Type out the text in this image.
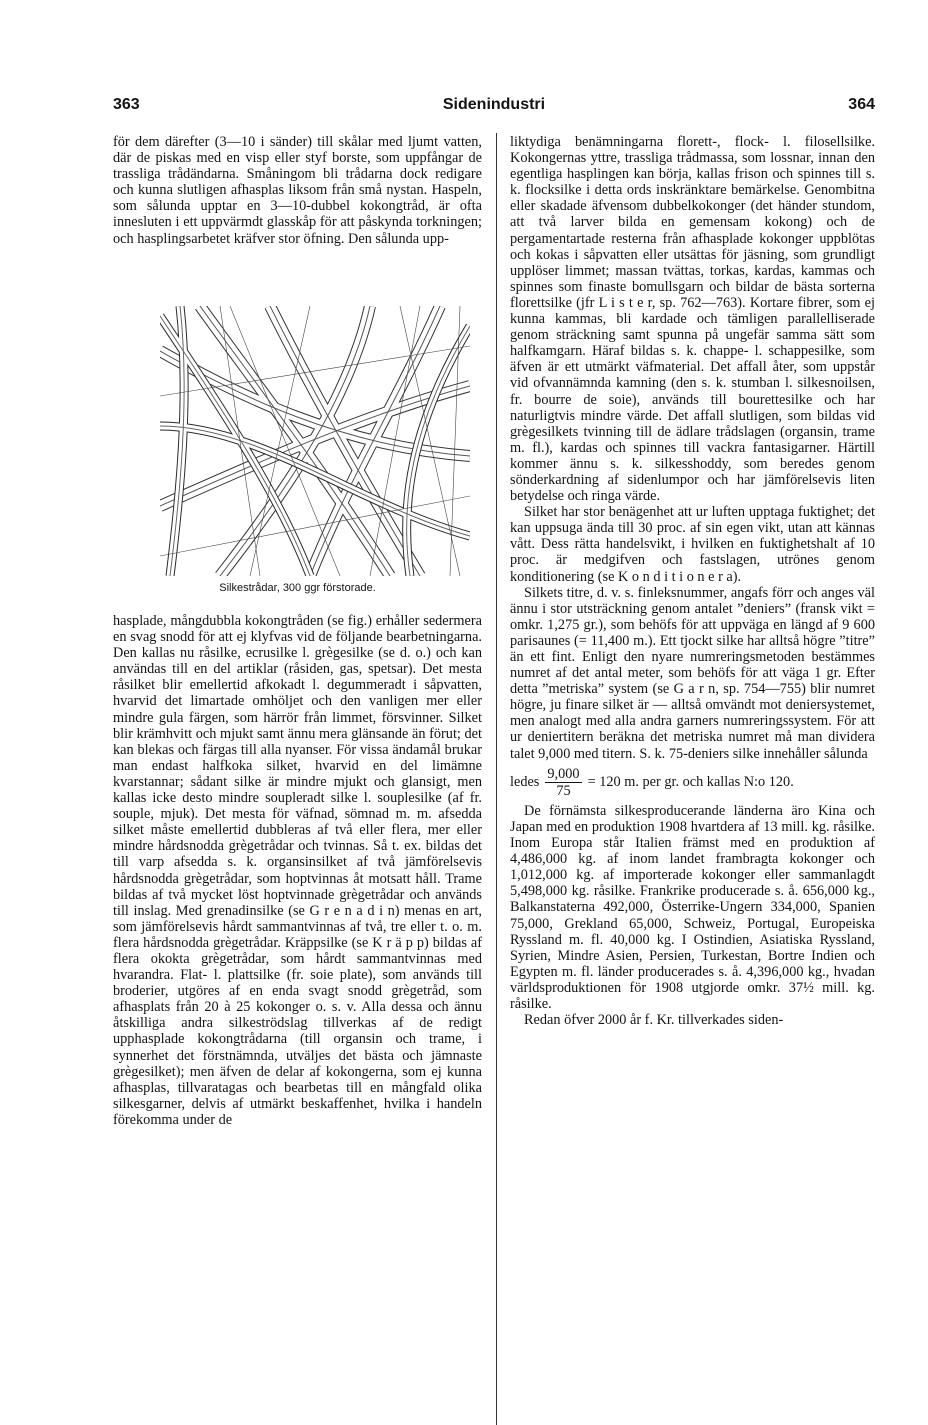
363	Sidenindustri	364

för dem därefter (3—10 i sänder) till skålar med ljumt vatten, där de piskas med en visp eller styf borste, som uppfångar de trassliga trådändarna. Småningom bli trådarna dock redigare och kunna slutligen afhasplas liksom från små nystan. Haspeln, som sålunda upptar en 3—10-dubbel kokongtråd, är ofta innesluten i ett uppvärmdt glasskåp för att påskynda torkningen; och hasplingsarbetet kräfver stor öfning. Den sålunda upp-

Silkestrådar, 300 ggr förstorade.

hasplade, mångdubbla kokongtråden (se fig.) erhåller sedermera en svag snodd för att ej klyfvas vid de följande bearbetningarna. Den kallas nu råsilke, ecrusilke l. grègesilke (se d. o.) och kan användas till en del artiklar (råsiden, gas, spetsar). Det mesta råsilket blir emellertid afkokadt l. degummeradt i såpvatten, hvarvid det limartade omhöljet och den vanligen mer eller mindre gula färgen, som härrör från limmet, försvinner. Silket blir krämhvitt och mjukt samt ännu mera glänsande än förut; det kan blekas och färgas till alla nyanser. För vissa ändamål brukar man endast halfkoka silket, hvarvid en del limämne kvarstannar; sådant silke är mindre mjukt och glansigt, men kallas icke desto mindre soupleradt silke l. souplesilke (af fr. souple, mjuk). Det mesta för väfnad, sömnad m. m. afsedda silket måste emellertid dubbleras af två eller flera, mer eller mindre hårdsnodda grègetrådar och tvinnas. Så t. ex. bildas det till varp afsedda s. k. organsinsilket af två jämförelsevis hårdsnodda grègetrådar, som hoptvinnas åt motsatt håll. Trame bildas af två mycket löst hoptvinnade grègetrådar och används till inslag. Med grenadinsilke (se G r e n a d i n) menas en art, som jämförelsevis hårdt sammantvinnas af två, tre eller t. o. m. flera hårdsnodda grègetrådar. Kräppsilke (se K r ä p p) bildas af flera okokta grègetrådar, som hårdt sammantvinnas med hvarandra. Flat- l. plattsilke (fr. soie plate), som används till broderier, utgöres af en enda svagt snodd grègetråd, som afhasplats från 20 à 25 kokonger o. s. v. Alla dessa och ännu åtskilliga andra silkeströdslag tillverkas af de redigt upphasplade kokongtrådarna (till organsin och trame, i synnerhet det förstnämnda, utväljes det bästa och jämnaste grègesilket); men äfven de delar af kokongerna, som ej kunna afhasplas, tillvaratagas och bearbetas till en mångfald olika silkesgarner, delvis af utmärkt beskaffenhet, hvilka i handeln förekomma under de

liktydiga benämningarna florett-, flock- l. filosellsilke. Kokongernas yttre, trassliga trådmassa, som lossnar, innan den egentliga hasplingen kan börja, kallas frison och spinnes till s. k. flocksilke i detta ords inskränktare bemärkelse. Genombitna eller skadade äfvensom dubbelkokonger (det händer stundom, att två larver bilda en gemensam kokong) och de pergamentartade resterna från afhasplade kokonger uppblötas och kokas i såpvatten eller utsättas för jäsning, som grundligt upplöser limmet; massan tvättas, torkas, kardas, kammas och spinnes som finaste bomullsgarn och bildar de bästa sorterna florettsilke (jfr L i s t e r, sp. 762—763). Kortare fibrer, som ej kunna kammas, bli kardade och tämligen parallelliserade genom sträckning samt spunna på ungefär samma sätt som halfkamgarn. Häraf bildas s. k. chappe- l. schappesilke, som äfven är ett utmärkt väfmaterial. Det affall åter, som uppstår vid ofvannämnda kamning (den s. k. stumban l. silkesnoilsen, fr. bourre de soie), används till bourettesilke och har naturligtvis mindre värde. Det affall slutligen, som bildas vid grègesilkets tvinning till de ädlare trådslagen (organsin, trame m. fl.), kardas och spinnes till vackra fantasigarner. Härtill kommer ännu s. k. silkesshoddy, som beredes genom sönderkardning af sidenlumpor och har jämförelsevis liten betydelse och ringa värde.

Silket har stor benägenhet att ur luften upptaga fuktighet; det kan uppsuga ända till 30 proc. af sin egen vikt, utan att kännas vått. Dess rätta handelsvikt, i hvilken en fuktighetshalt af 10 proc. är medgifven och fastslagen, utrönes genom konditionering (se K o n d i t i o n e r a).

Silkets titre, d. v. s. finleksnummer, angafs förr och anges väl ännu i stor utsträckning genom antalet ”deniers” (fransk vikt = omkr. 1,275 gr.), som behöfs för att uppväga en längd af 9 600 parisaunes (= 11,400 m.). Ett tjockt silke har alltså högre ”titre” än ett fint. Enligt den nyare numreringsmetoden bestämmes numret af det antal meter, som behöfs för att väga 1 gr. Efter detta ”metriska” system (se G a r n, sp. 754—755) blir numret högre, ju finare silket är — alltså omvändt mot deniersystemet, men analogt med alla andra garners numreringssystem. För att ur deniertitern beräkna det metriska numret må man dividera talet 9,000 med titern. S. k. 75-deniers silke innehåller sålunda

ledes $\frac{9,000}{75} = 120$ m. per gr. och kallas N:o 120.

De förnämsta silkesproducerande länderna äro Kina och Japan med en produktion 1908 hvartdera af 13 mill. kg. råsilke. Inom Europa står Italien främst med en produktion af 4,486,000 kg. af inom landet frambragta kokonger och 1,012,000 kg. af importerade kokonger eller sammanlagdt 5,498,000 kg. råsilke. Frankrike producerade s. å. 656,000 kg., Balkanstaterna 492,000, Österrike-Ungern 334,000, Spanien 75,000, Grekland 65,000, Schweiz, Portugal, Europeiska Ryssland m. fl. 40,000 kg. I Ostindien, Asiatiska Ryssland, Syrien, Mindre Asien, Persien, Turkestan, Bortre Indien och Egypten m. fl. länder producerades s. å. 4,396,000 kg., hvadan världsproduktionen för 1908 utgjorde omkr. 37½ mill. kg. råsilke.

Redan öfver 2000 år f. Kr. tillverkades siden-
